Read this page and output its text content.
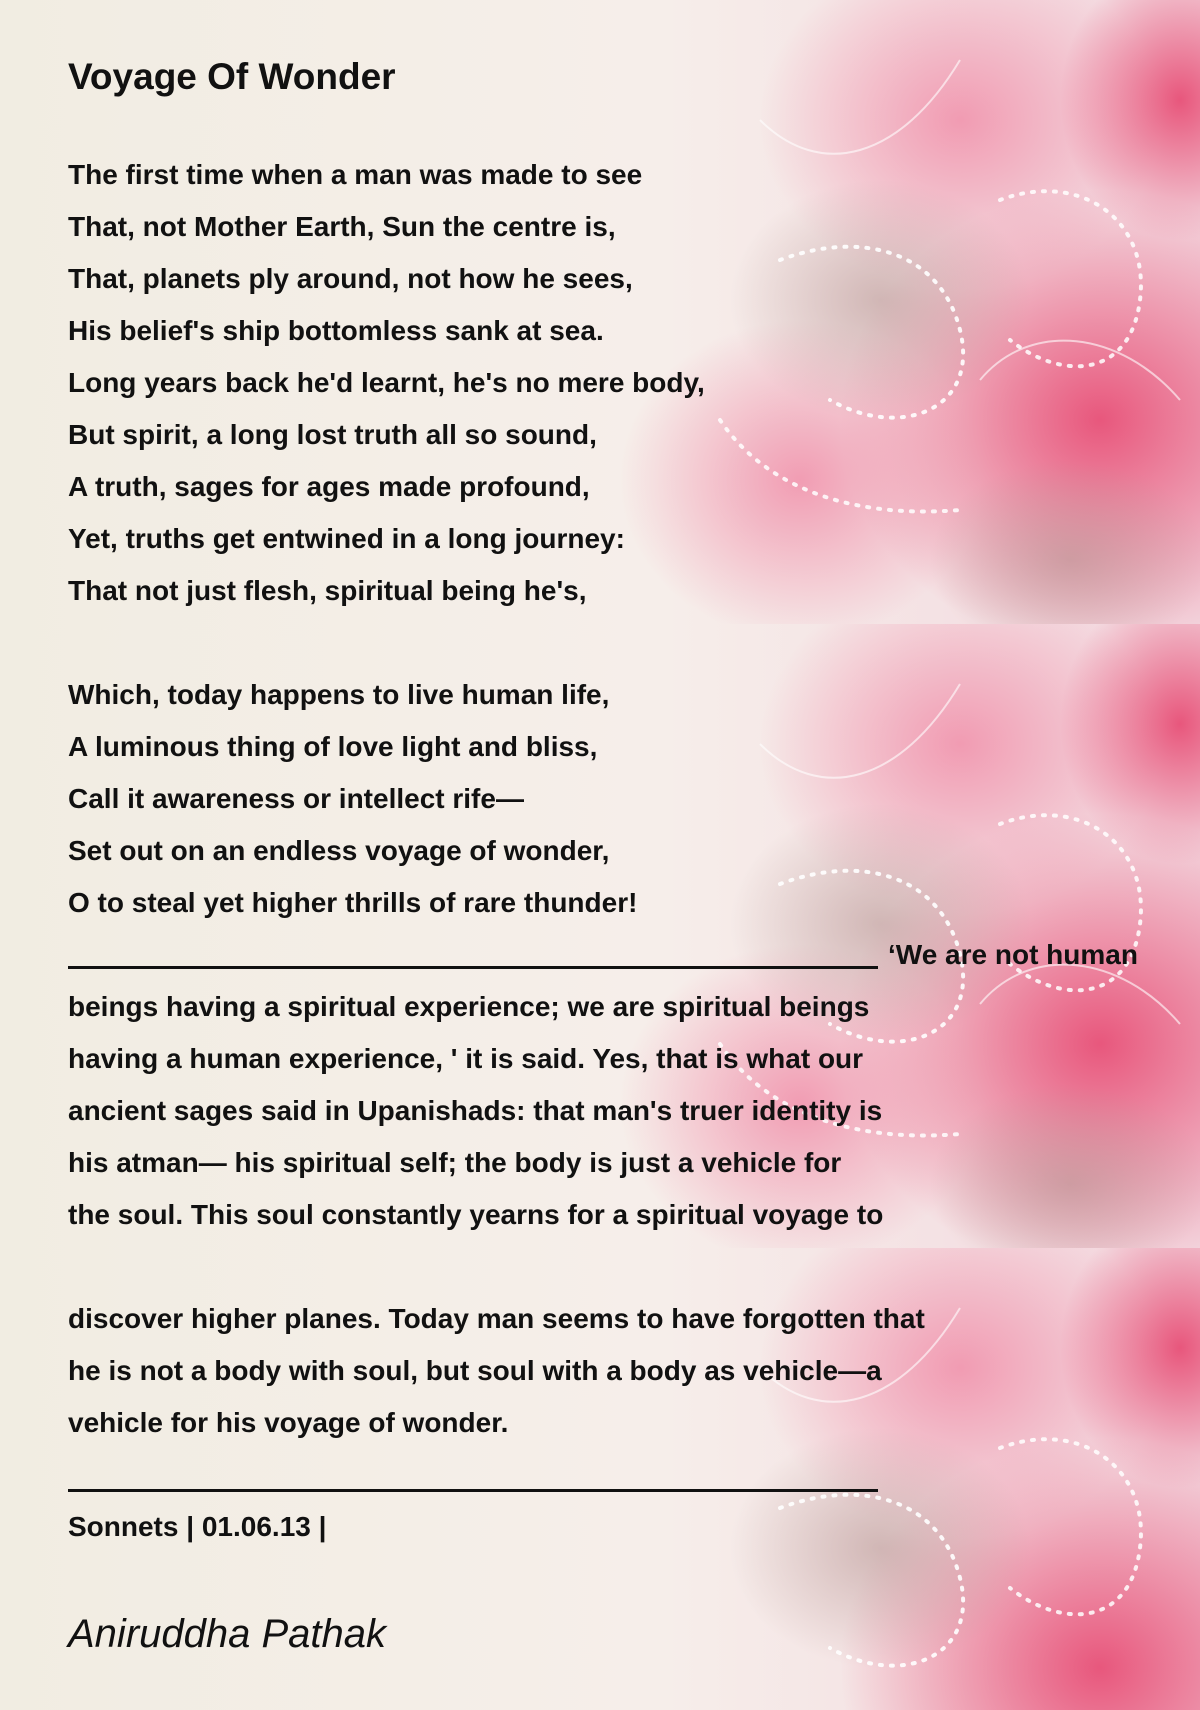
Voyage Of Wonder
The first time when a man was made to see
That, not Mother Earth, Sun the centre is,
That, planets ply around, not how he sees,
His belief's ship bottomless sank at sea.
Long years back he'd learnt, he's no mere body,
But spirit, a long lost truth all so sound,
A truth, sages for ages made profound,
Yet, truths get entwined in a long journey:
That not just flesh, spiritual being he's,
Which, today happens to live human life,
A luminous thing of love light and bliss,
Call it awareness or intellect rife—
Set out on an endless voyage of wonder,
O to steal yet higher thrills of rare thunder!
‘We are not human
beings having a spiritual experience; we are spiritual beings
having a human experience, ' it is said. Yes, that is what our
ancient sages said in Upanishads: that man's truer identity is
his atman— his spiritual self; the body is just a vehicle for
the soul. This soul constantly yearns for a spiritual voyage to
discover higher planes. Today man seems to have forgotten that
he is not a body with soul, but soul with a body as vehicle—a
vehicle for his voyage of wonder.
Sonnets | 01.06.13 |
Aniruddha Pathak
